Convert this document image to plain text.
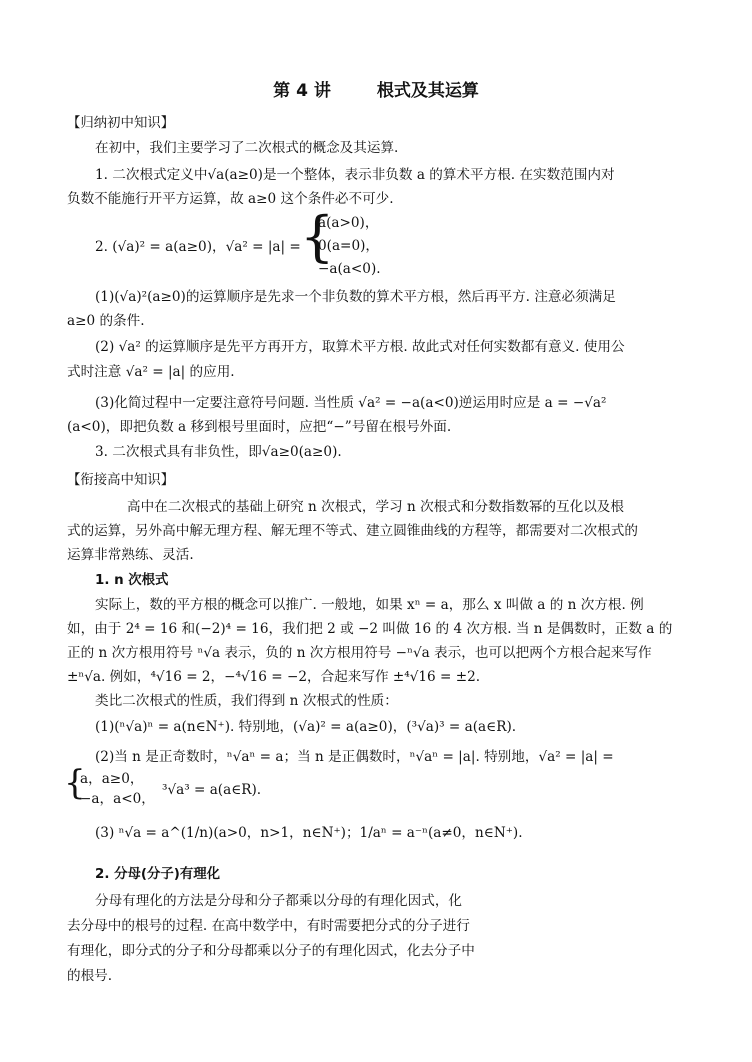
第 4 讲	根式及其运算
【归纳初中知识】
在初中，我们主要学习了二次根式的概念及其运算.
1. 二次根式定义中√a(a≥0)是一个整体，表示非负数 a 的算术平方根. 在实数范围内对
负数不能施行开平方运算，故 a≥0 这个条件必不可少.
2. (√a)² = a(a≥0)，√a² = |a| = {
a(a>0)，
0(a=0)，
−a(a<0).
(1)(√a)²(a≥0)的运算顺序是先求一个非负数的算术平方根，然后再平方. 注意必须满足
a≥0 的条件.
(2) √a² 的运算顺序是先平方再开方，取算术平方根. 故此式对任何实数都有意义. 使用公
式时注意 √a² = |a| 的应用.
(3)化简过程中一定要注意符号问题. 当性质 √a² = −a(a<0)逆运用时应是 a = −√a²
(a<0)，即把负数 a 移到根号里面时，应把“−”号留在根号外面.
3. 二次根式具有非负性，即√a≥0(a≥0).
【衔接高中知识】
高中在二次根式的基础上研究 n 次根式，学习 n 次根式和分数指数幂的互化以及根
式的运算，另外高中解无理方程、解无理不等式、建立圆锥曲线的方程等，都需要对二次根式的
运算非常熟练、灵活.
1. n 次根式
实际上，数的平方根的概念可以推广. 一般地，如果 xⁿ = a，那么 x 叫做 a 的 n 次方根. 例
如，由于 2⁴ = 16 和(−2)⁴ = 16，我们把 2 或 −2 叫做 16 的 4 次方根. 当 n 是偶数时，正数 a 的
正的 n 次方根用符号 ⁿ√a 表示，负的 n 次方根用符号 −ⁿ√a 表示，也可以把两个方根合起来写作
±ⁿ√a. 例如，⁴√16 = 2，−⁴√16 = −2，合起来写作 ±⁴√16 = ±2.
类比二次根式的性质，我们得到 n 次根式的性质：
(1)(ⁿ√a)ⁿ = a(n∈N⁺). 特别地，(√a)² = a(a≥0)，(³√a)³ = a(a∈R).
(2)当 n 是正奇数时，ⁿ√aⁿ = a；当 n 是正偶数时，ⁿ√aⁿ = |a|. 特别地，√a² = |a| =
{
a，a≥0，
−a，a<0，
³√a³ = a(a∈R).
(3) ⁿ√a = a^(1/n)(a>0，n>1，n∈N⁺)；1/aⁿ = a⁻ⁿ(a≠0，n∈N⁺).
2. 分母(分子)有理化
分母有理化的方法是分母和分子都乘以分母的有理化因式，化
去分母中的根号的过程. 在高中数学中，有时需要把分式的分子进行
有理化，即分式的分子和分母都乘以分子的有理化因式，化去分子中
的根号.
